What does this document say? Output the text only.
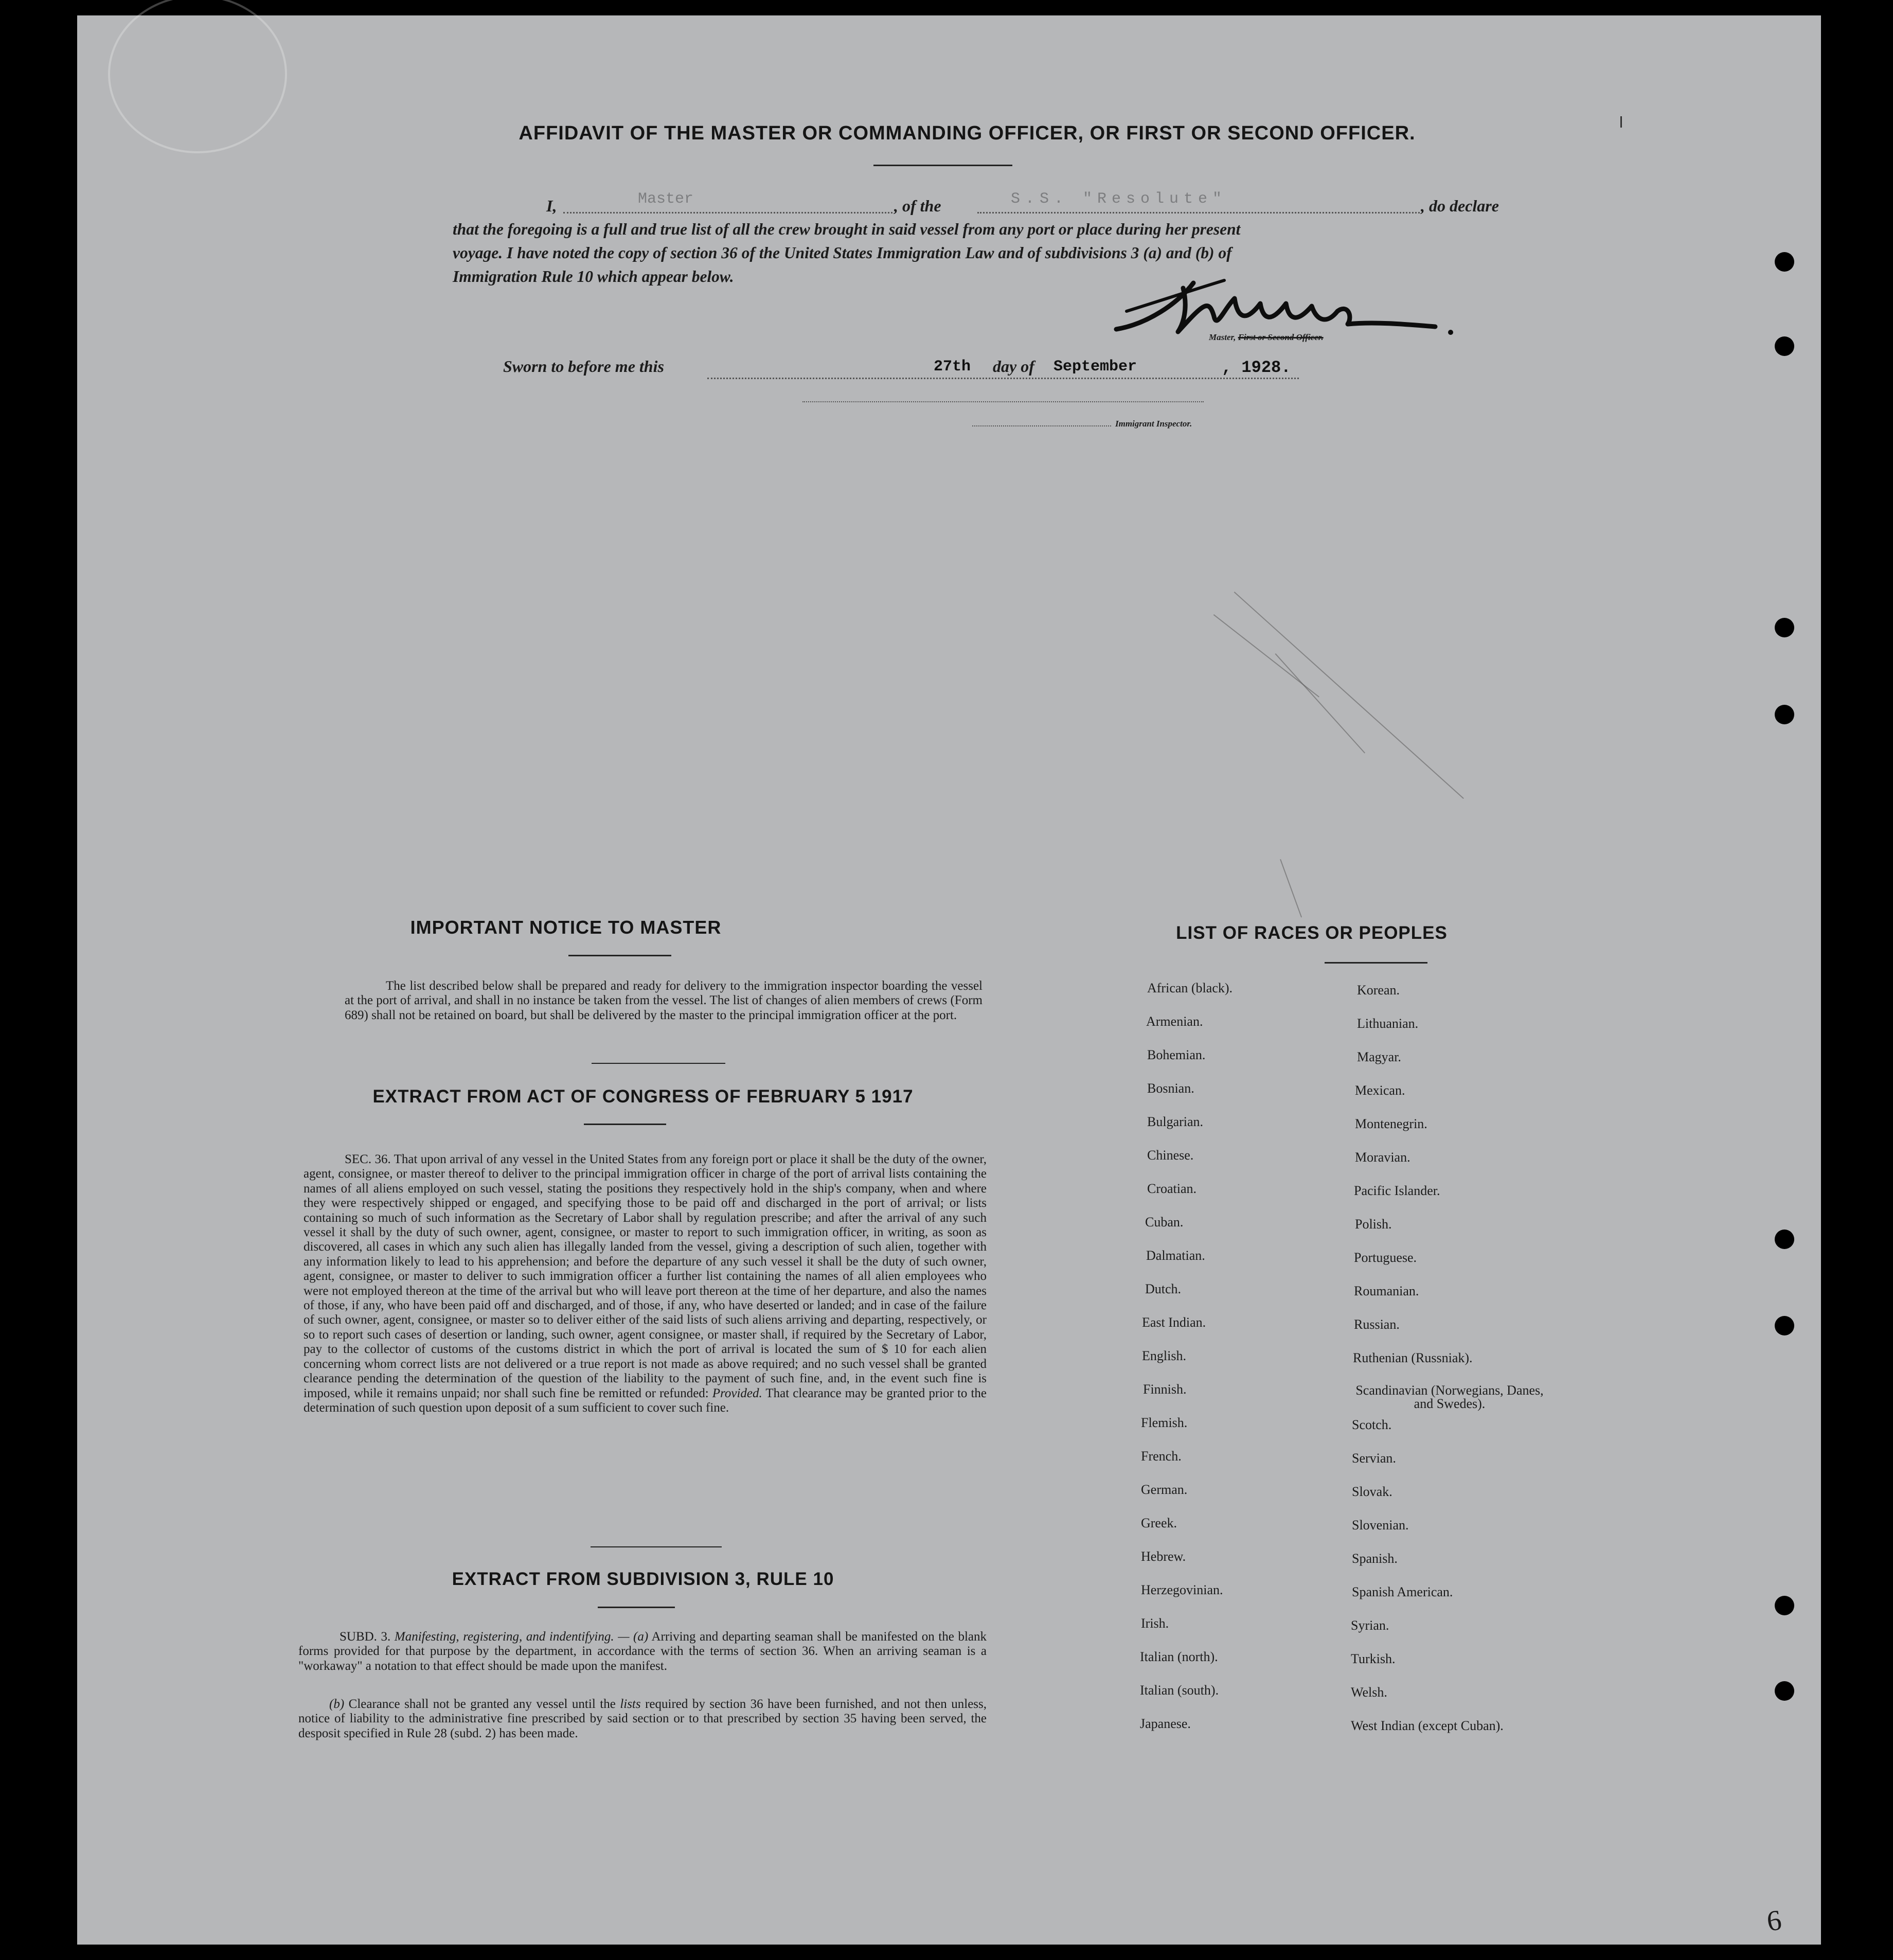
AFFIDAVIT OF THE MASTER OR COMMANDING OFFICER, OR FIRST OR SECOND OFFICER.
I,	Master	, of the	S.S. "Resolute"	, do declare
that the foregoing is a full and true list of all the crew brought in said vessel from any port or place during her present
voyage. I have noted the copy of section 36 of the United States Immigration Law and of subdivisions 3 (a) and (b) of
Immigration Rule 10 which appear below.
Master, First or Second Officer.
Sworn to before me this	27th day of September	, 1928.
Immigrant Inspector.
IMPORTANT NOTICE TO MASTER
The list described below shall be prepared and ready for delivery to the immigration inspector boarding the vessel at the port of arrival, and shall in no instance be taken from the vessel. The list of changes of alien members of crews (Form 689) shall not be retained on board, but shall be delivered by the master to the principal immigration officer at the port.
EXTRACT FROM ACT OF CONGRESS OF FEBRUARY 5 1917
SEC. 36. That upon arrival of any vessel in the United States from any foreign port or place it shall be the duty of the owner, agent, consignee, or master thereof to deliver to the principal immigration officer in charge of the port of arrival lists containing the names of all aliens employed on such vessel, stating the positions they respectively hold in the ship's company, when and where they were respectively shipped or engaged, and specifying those to be paid off and discharged in the port of arrival; or lists containing so much of such information as the Secretary of Labor shall by regulation prescribe; and after the arrival of any such vessel it shall by the duty of such owner, agent, consignee, or master to report to such immigration officer, in writing, as soon as discovered, all cases in which any such alien has illegally landed from the vessel, giving a description of such alien, together with any information likely to lead to his apprehension; and before the departure of any such vessel it shall be the duty of such owner, agent, consignee, or master to deliver to such immigration officer a further list containing the names of all alien employees who were not employed thereon at the time of the arrival but who will leave port thereon at the time of her departure, and also the names of those, if any, who have been paid off and discharged, and of those, if any, who have deserted or landed; and in case of the failure of such owner, agent, consignee, or master so to deliver either of the said lists of such aliens arriving and departing, respectively, or so to report such cases of desertion or landing, such owner, agent consignee, or master shall, if required by the Secretary of Labor, pay to the collector of customs of the customs district in which the port of arrival is located the sum of $ 10 for each alien concerning whom correct lists are not delivered or a true report is not made as above required; and no such vessel shall be granted clearance pending the determination of the question of the liability to the payment of such fine, and, in the event such fine is imposed, while it remains unpaid; nor shall such fine be remitted or refunded: Provided. That clearance may be granted prior to the determination of such question upon deposit of a sum sufficient to cover such fine.
EXTRACT FROM SUBDIVISION 3, RULE 10
SUBD. 3. Manifesting, registering, and indentifying. — (a) Arriving and departing seaman shall be manifested on the blank forms provided for that purpose by the department, in accordance with the terms of section 36. When an arriving seaman is a "workaway" a notation to that effect should be made upon the manifest.
(b) Clearance shall not be granted any vessel until the lists required by section 36 have been furnished, and not then unless, notice of liability to the administrative fine prescribed by said section or to that prescribed by section 35 having been served, the desposit specified in Rule 28 (subd. 2) has been made.
LIST OF RACES OR PEOPLES
African (black).
Armenian.
Bohemian.
Bosnian.
Bulgarian.
Chinese.
Croatian.
Cuban.
Dalmatian.
Dutch.
East Indian.
English.
Finnish.
Flemish.
French.
German.
Greek.
Hebrew.
Herzegovinian.
Irish.
Italian (north).
Italian (south).
Japanese.
Korean.
Lithuanian.
Magyar.
Mexican.
Montenegrin.
Moravian.
Pacific Islander.
Polish.
Portuguese.
Roumanian.
Russian.
Ruthenian (Russniak).
Scandinavian (Norwegians, Danes, and Swedes).
Scotch.
Servian.
Slovak.
Slovenian.
Spanish.
Spanish American.
Syrian.
Turkish.
Welsh.
West Indian (except Cuban).
6
